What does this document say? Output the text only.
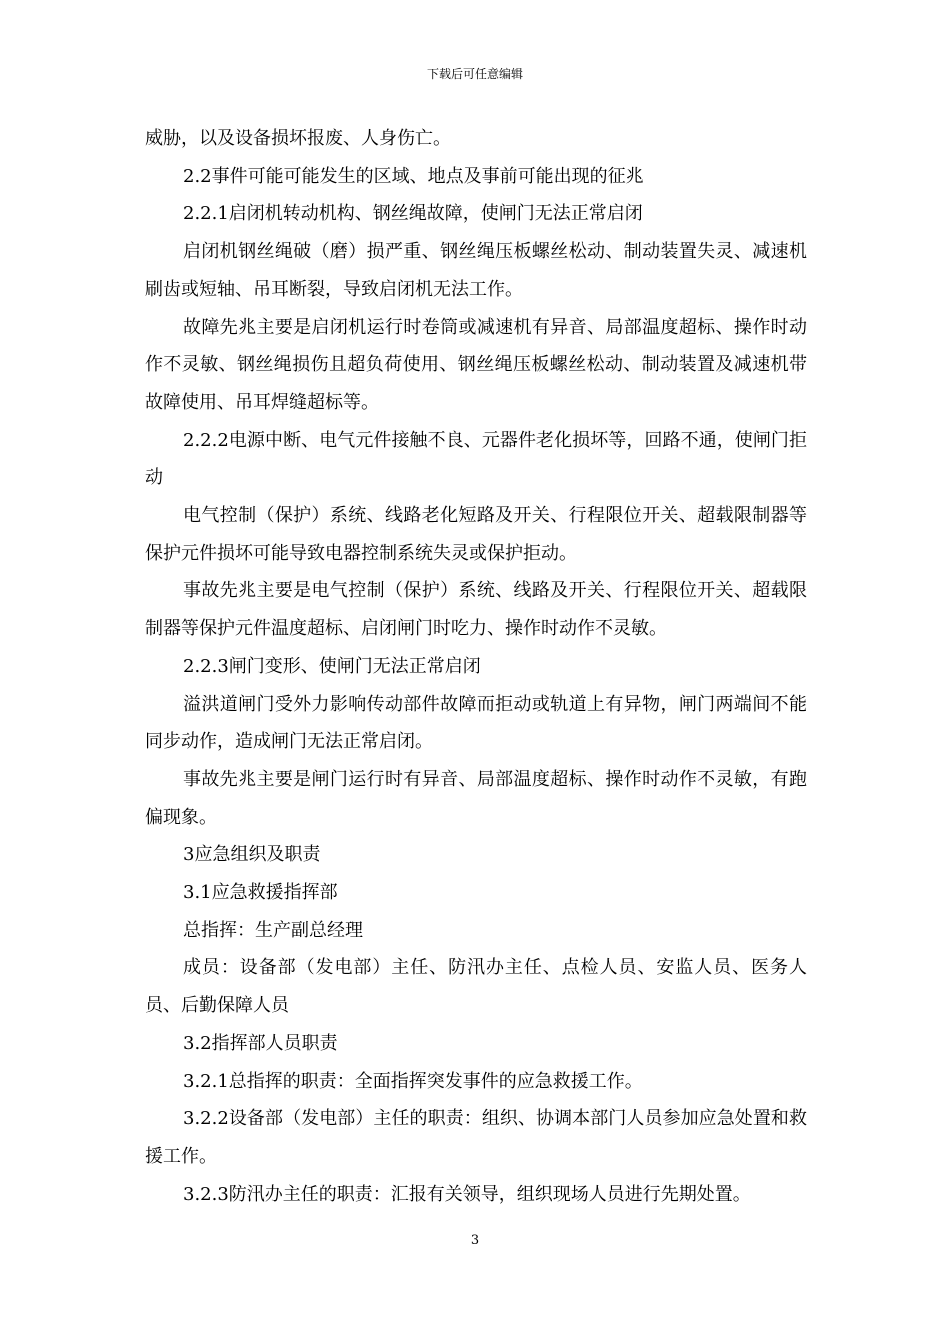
下载后可任意编辑

威胁，以及设备损坏报废、人身伤亡。

2.2事件可能可能发生的区域、地点及事前可能出现的征兆

2.2.1启闭机转动机构、钢丝绳故障，使闸门无法正常启闭

启闭机钢丝绳破（磨）损严重、钢丝绳压板螺丝松动、制动装置失灵、减速机刷齿或短轴、吊耳断裂，导致启闭机无法工作。

故障先兆主要是启闭机运行时卷筒或减速机有异音、局部温度超标、操作时动作不灵敏、钢丝绳损伤且超负荷使用、钢丝绳压板螺丝松动、制动装置及减速机带故障使用、吊耳焊缝超标等。

2.2.2电源中断、电气元件接触不良、元器件老化损坏等，回路不通，使闸门拒动

电气控制（保护）系统、线路老化短路及开关、行程限位开关、超载限制器等保护元件损坏可能导致电器控制系统失灵或保护拒动。

事故先兆主要是电气控制（保护）系统、线路及开关、行程限位开关、超载限制器等保护元件温度超标、启闭闸门时吃力、操作时动作不灵敏。

2.2.3闸门变形、使闸门无法正常启闭

溢洪道闸门受外力影响传动部件故障而拒动或轨道上有异物，闸门两端间不能同步动作，造成闸门无法正常启闭。

事故先兆主要是闸门运行时有异音、局部温度超标、操作时动作不灵敏，有跑偏现象。

3应急组织及职责

3.1应急救援指挥部

总指挥：生产副总经理

成员：设备部（发电部）主任、防汛办主任、点检人员、安监人员、医务人员、后勤保障人员

3.2指挥部人员职责

3.2.1总指挥的职责：全面指挥突发事件的应急救援工作。

3.2.2设备部（发电部）主任的职责：组织、协调本部门人员参加应急处置和救援工作。

3.2.3防汛办主任的职责：汇报有关领导，组织现场人员进行先期处置。

3
